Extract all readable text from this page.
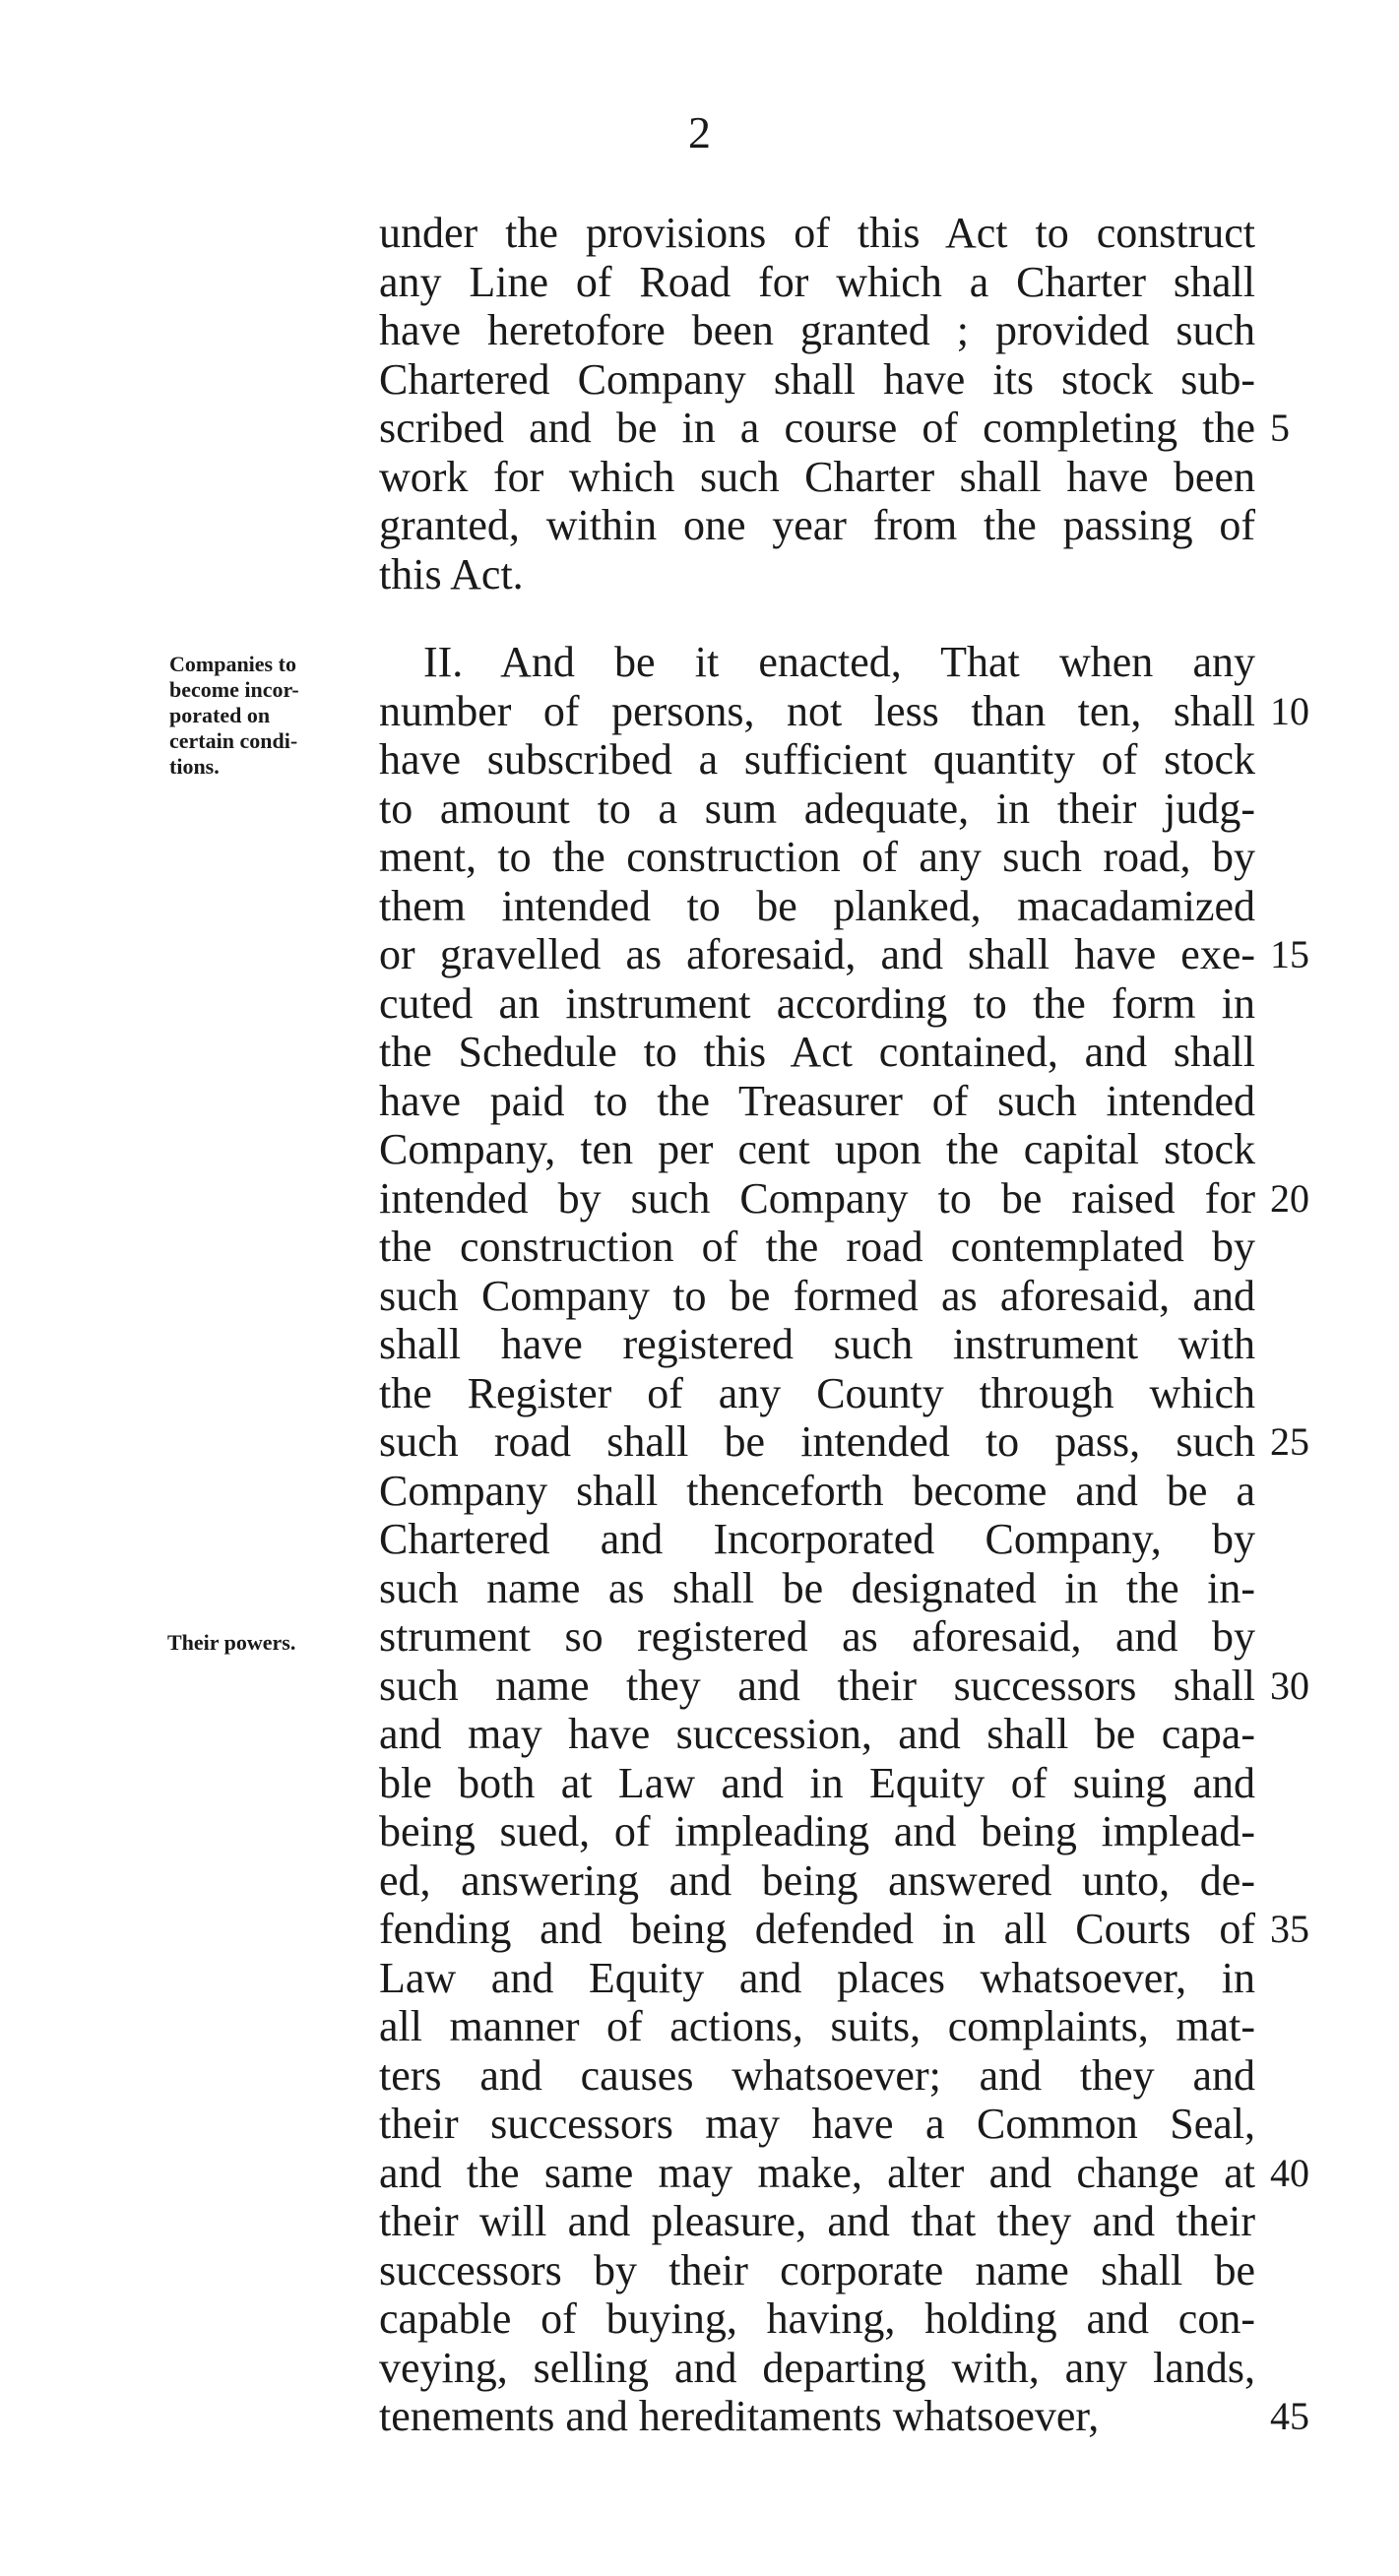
2
under the provisions of this Act to construct
any Line of Road for which a Charter shall
have heretofore been granted ; provided such
Chartered Company shall have its stock sub-
scribed and be in a course of completing the
work for which such Charter shall have been
granted, within one year from the passing of
this Act.
II. And be it enacted, That when any
number of persons, not less than ten, shall
have subscribed a sufficient quantity of stock
to amount to a sum adequate, in their judg-
ment, to the construction of any such road, by
them intended to be planked, macadamized
or gravelled as aforesaid, and shall have exe-
cuted an instrument according to the form in
the Schedule to this Act contained, and shall
have paid to the Treasurer of such intended
Company, ten per cent upon the capital stock
intended by such Company to be raised for
the construction of the road contemplated by
such Company to be formed as aforesaid, and
shall have registered such instrument with
the Register of any County through which
such road shall be intended to pass, such
Company shall thenceforth become and be a
Chartered and Incorporated Company, by
such name as shall be designated in the in-
strument so registered as aforesaid, and by
such name they and their successors shall
and may have succession, and shall be capa-
ble both at Law and in Equity of suing and
being sued, of impleading and being implead-
ed, answering and being answered unto, de-
fending and being defended in all Courts of
Law and Equity and places whatsoever, in
all manner of actions, suits, complaints, mat-
ters and causes whatsoever; and they and
their successors may have a Common Seal,
and the same may make, alter and change at
their will and pleasure, and that they and their
successors by their corporate name shall be
capable of buying, having, holding and con-
veying, selling and departing with, any lands,
tenements and hereditaments whatsoever,
5
10
15
20
25
30
35
40
45
Companies to
become incor-
porated on
certain condi-
tions.
Their powers.
